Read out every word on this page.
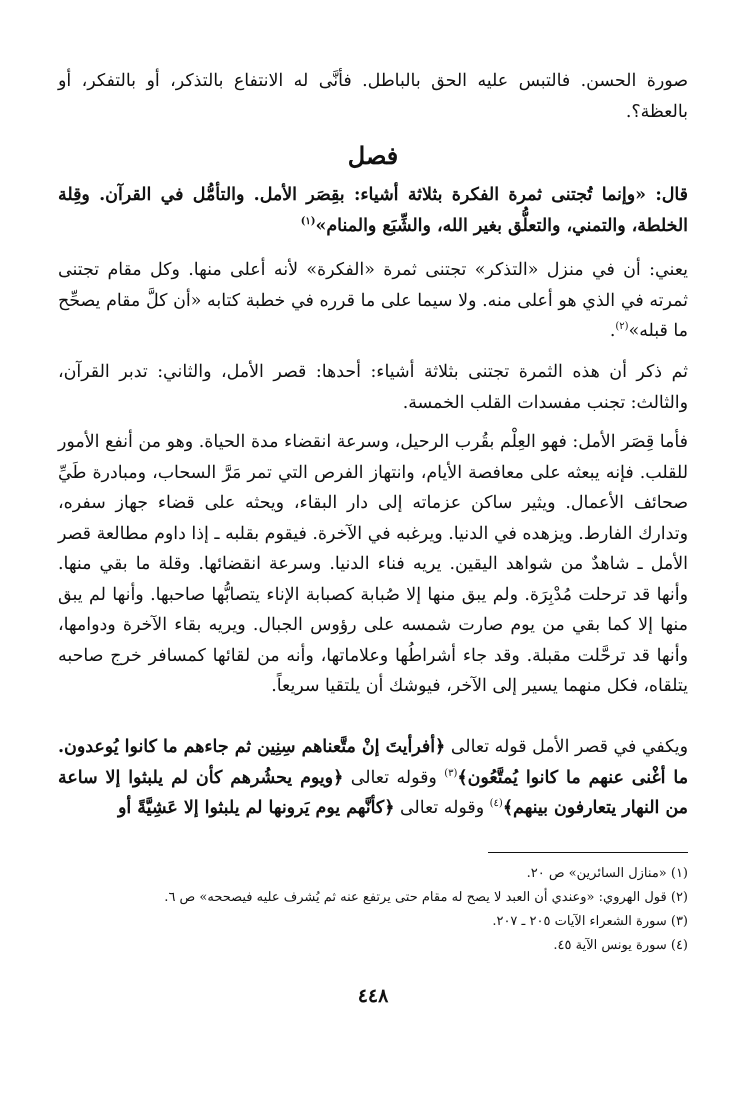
صورة الحسن. فالتبس عليه الحق بالباطل. فأنَّى له الانتفاع بالتذكر، أو بالتفكر، أو بالعظة؟.

فصل

قال: «وإنما تُجتنى ثمرة الفكرة بثلاثة أشياء: بقِصَر الأمل. والتأمُّل في القرآن. وقِلة الخلطة، والتمني، والتعلُّق بغير الله، والشِّبَع والمنام»$^{(١)}$

يعني: أن في منزل «التذكر» تجتنى ثمرة «الفكرة» لأنه أعلى منها. وكل مقام تجتنى ثمرته في الذي هو أعلى منه. ولا سيما على ما قرره في خطبة كتابه «أن كلَّ مقام يصحِّح ما قبله»$^{(٢)}$.

ثم ذكر أن هذه الثمرة تجتنى بثلاثة أشياء: أحدها: قصر الأمل، والثاني: تدبر القرآن، والثالث: تجنب مفسدات القلب الخمسة.

فأما قِصَر الأمل: فهو العِلْم بقُرب الرحيل، وسرعة انقضاء مدة الحياة. وهو من أنفع الأمور للقلب. فإنه يبعثه على معافصة الأيام، وانتهاز الفرص التي تمر مَرَّ السحاب، ومبادرة طَيِّ صحائف الأعمال. ويثير ساكن عزماته إلى دار البقاء، ويحثه على قضاء جهاز سفره، وتدارك الفارط. ويزهده في الدنيا. ويرغبه في الآخرة. فيقوم بقلبه ـ إذا داوم مطالعة قصر الأمل ـ شاهدٌ من شواهد اليقين. يريه فناء الدنيا. وسرعة انقضائها. وقلة ما بقي منها. وأنها قد ترحلت مُدْبِرَة. ولم يبق منها إلا صُبابة كصبابة الإناء يتصابُّها صاحبها. وأنها لم يبق منها إلا كما بقي من يوم صارت شمسه على رؤوس الجبال. ويريه بقاء الآخرة ودوامها، وأنها قد ترحَّلت مقبلة. وقد جاء أشراطُها وعلاماتها، وأنه من لقائها كمسافر خرج صاحبه يتلقاه، فكل منهما يسير إلى الآخر، فيوشك أن يلتقيا سريعاً.

ويكفي في قصر الأمل قوله تعالى ﴿أفرأيتَ إنْ متَّعناهم سِنِين ثم جاءهم ما كانوا يُوعدون. ما أغْنى عنهم ما كانوا يُمتَّعُون﴾$^{(٣)}$ وقوله تعالى ﴿ويوم يحشُرهم كأن لم يلبثوا إلا ساعة من النهار يتعارفون بينهم﴾$^{(٤)}$ وقوله تعالى ﴿كأنَّهم يوم يَرونها لم يلبثوا إلا عَشِيَّةً أو

(١) «منازل السائرين» ص ٢٠.
(٢) قول الهروي: «وعندي أن العبد لا يصح له مقام حتى يرتفع عنه ثم يُشرف عليه فيصححه» ص ٦.
(٣) سورة الشعراء الآيات ٢٠٥ ـ ٢٠٧.
(٤) سورة يونس الآية ٤٥.
٤٤٨
